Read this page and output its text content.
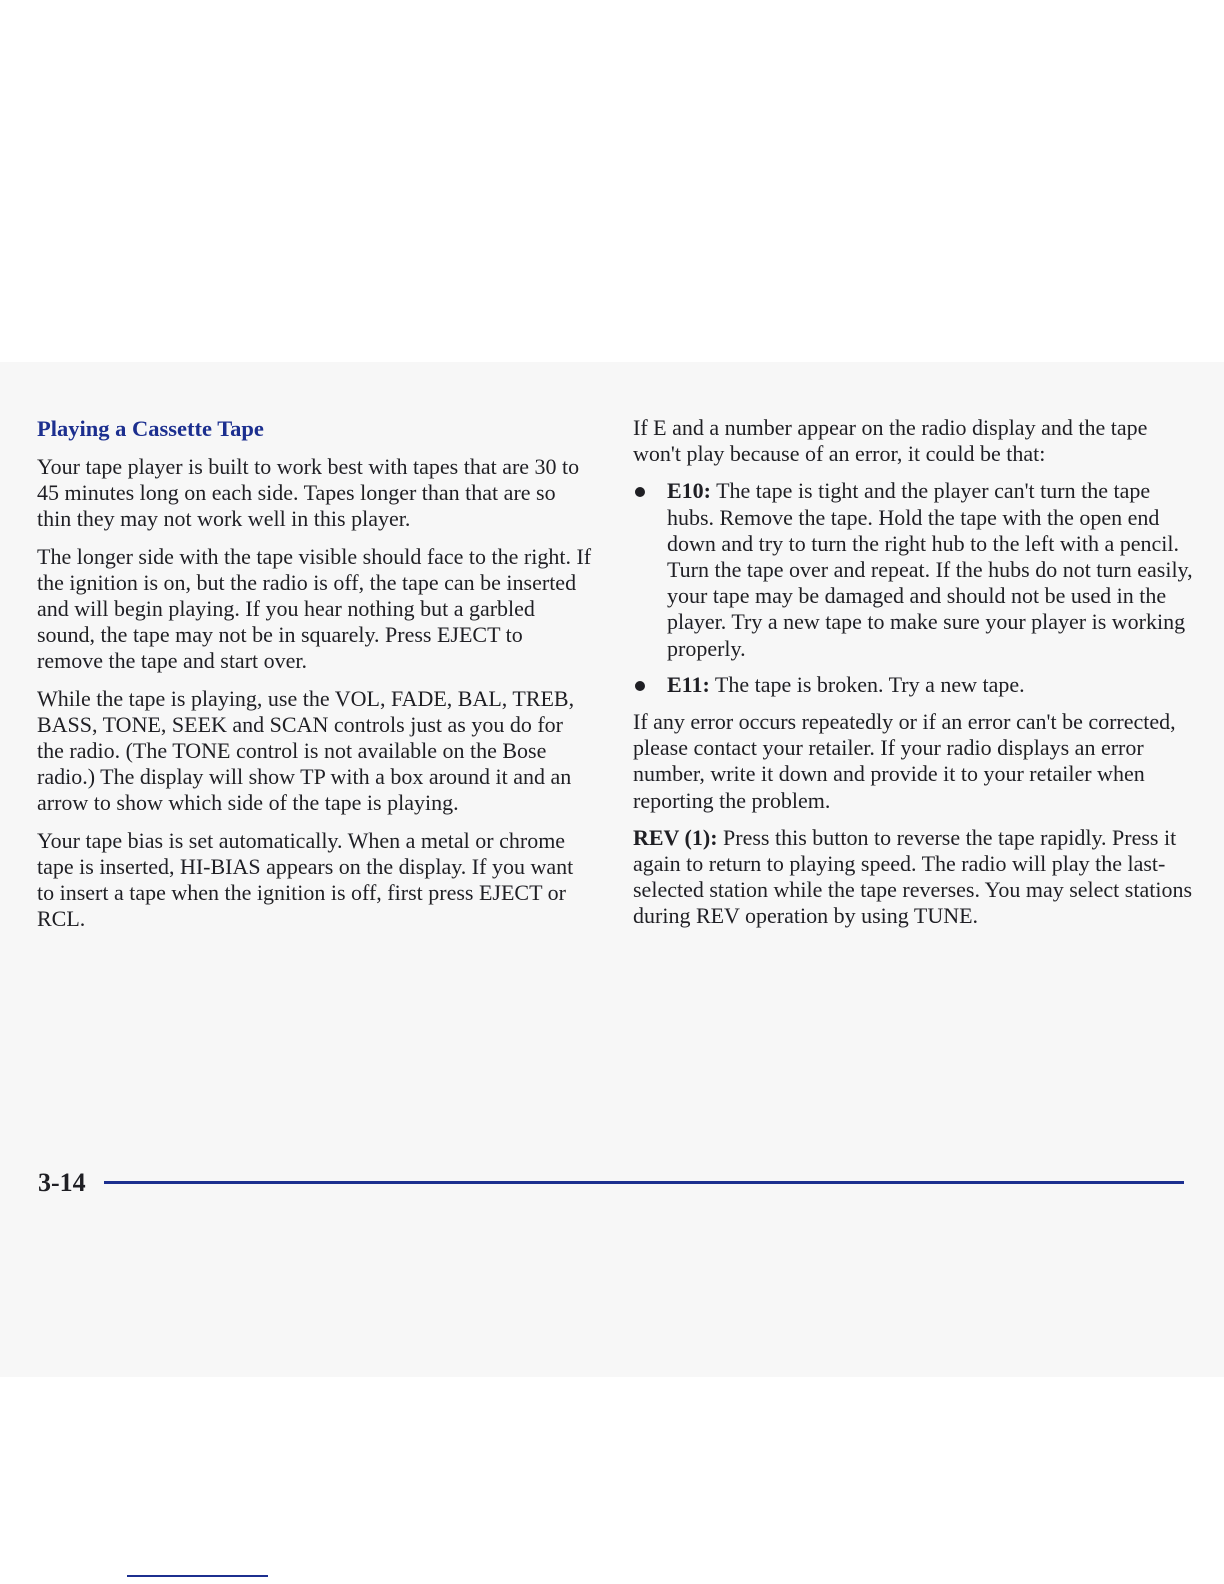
Playing a Cassette Tape

Your tape player is built to work best with tapes that are 30 to 45 minutes long on each side. Tapes longer than that are so thin they may not work well in this player.

The longer side with the tape visible should face to the right. If the ignition is on, but the radio is off, the tape can be inserted and will begin playing. If you hear nothing but a garbled sound, the tape may not be in squarely. Press EJECT to remove the tape and start over.

While the tape is playing, use the VOL, FADE, BAL, TREB, BASS, TONE, SEEK and SCAN controls just as you do for the radio. (The TONE control is not available on the Bose radio.) The display will show TP with a box around it and an arrow to show which side of the tape is playing.

Your tape bias is set automatically. When a metal or chrome tape is inserted, HI-BIAS appears on the display. If you want to insert a tape when the ignition is off, first press EJECT or RCL.

If E and a number appear on the radio display and the tape won't play because of an error, it could be that:

E10: The tape is tight and the player can't turn the tape hubs. Remove the tape. Hold the tape with the open end down and try to turn the right hub to the left with a pencil. Turn the tape over and repeat. If the hubs do not turn easily, your tape may be damaged and should not be used in the player. Try a new tape to make sure your player is working properly.
E11: The tape is broken. Try a new tape.

If any error occurs repeatedly or if an error can't be corrected, please contact your retailer. If your radio displays an error number, write it down and provide it to your retailer when reporting the problem.

REV (1): Press this button to reverse the tape rapidly. Press it again to return to playing speed. The radio will play the last-selected station while the tape reverses. You may select stations during REV operation by using TUNE.

3-14
